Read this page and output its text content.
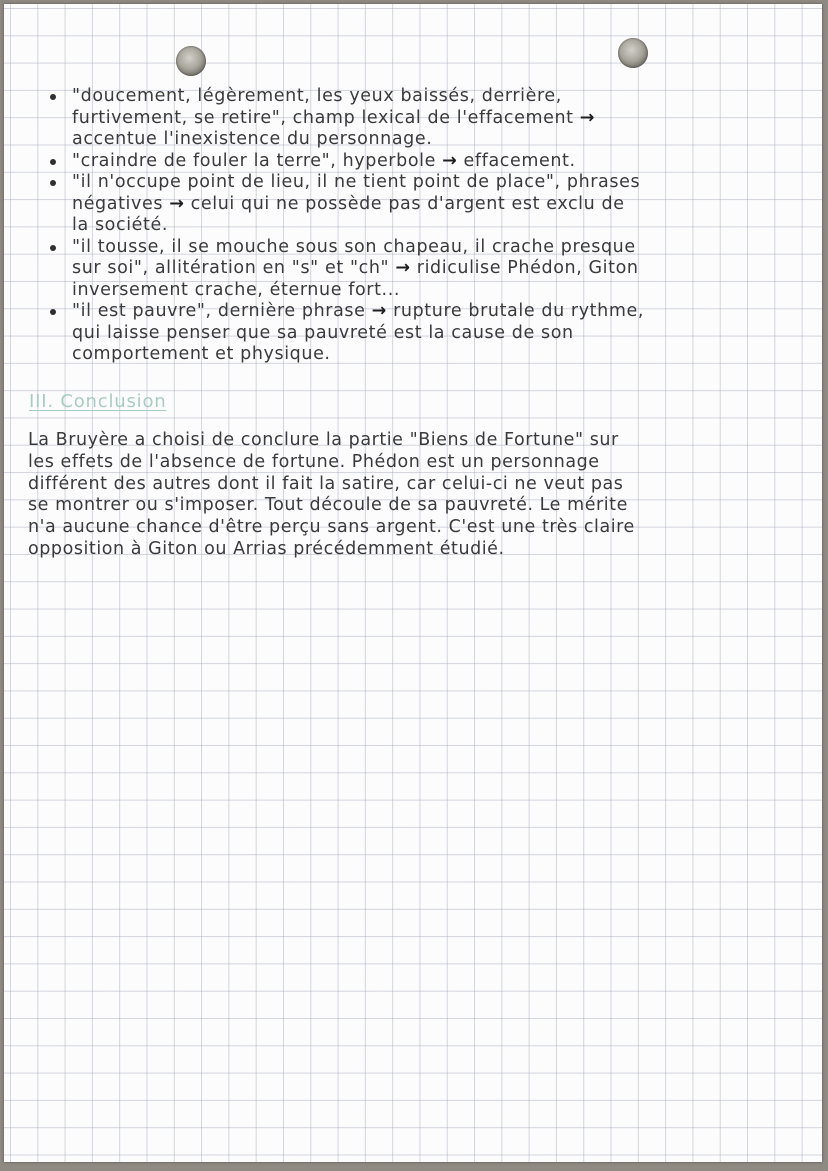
"doucement, légèrement, les yeux baissés, derrière,
furtivement, se retire", champ lexical de l'effacement →
accentue l'inexistence du personnage.
"craindre de fouler la terre", hyperbole → effacement.
"il n'occupe point de lieu, il ne tient point de place", phrases
négatives → celui qui ne possède pas d'argent est exclu de
la société.
"il tousse, il se mouche sous son chapeau, il crache presque
sur soi", allitération en "s" et "ch" → ridiculise Phédon, Giton
inversement crache, éternue fort...
"il est pauvre", dernière phrase → rupture brutale du rythme,
qui laisse penser que sa pauvreté est la cause de son
comportement et physique.
III. Conclusion
La Bruyère a choisi de conclure la partie "Biens de Fortune" sur
les effets de l'absence de fortune. Phédon est un personnage
différent des autres dont il fait la satire, car celui-ci ne veut pas
se montrer ou s'imposer. Tout découle de sa pauvreté. Le mérite
n'a aucune chance d'être perçu sans argent. C'est une très claire
opposition à Giton ou Arrias précédemment étudié.
